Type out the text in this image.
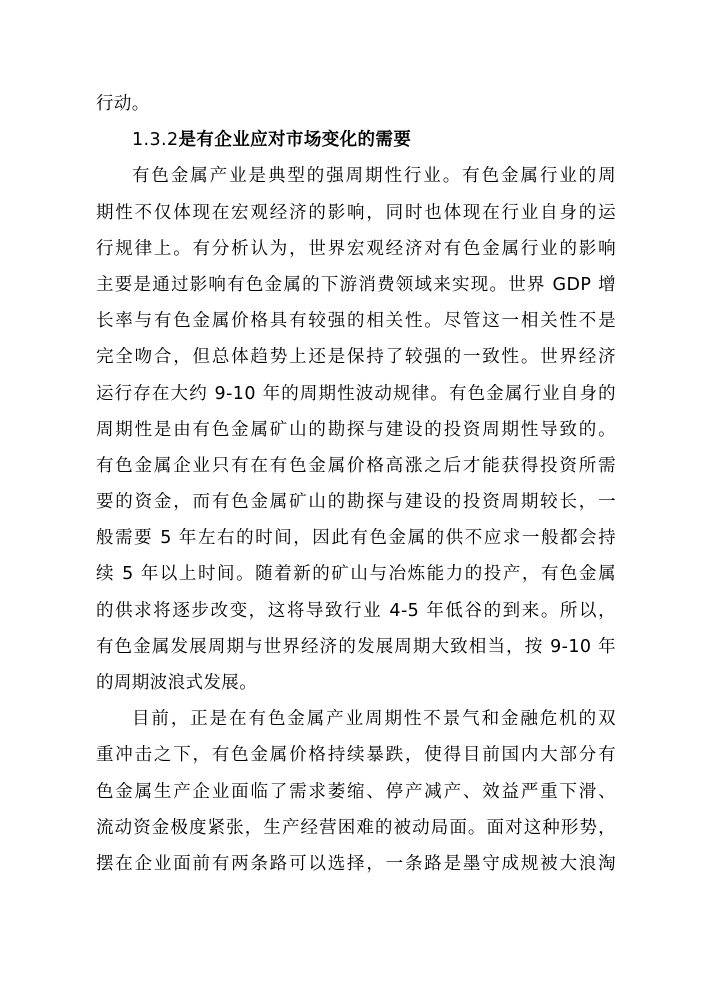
行动。
1.3.2是有企业应对市场变化的需要
有色金属产业是典型的强周期性行业。有色金属行业的周
期性不仅体现在宏观经济的影响，同时也体现在行业自身的运
行规律上。有分析认为，世界宏观经济对有色金属行业的影响
主要是通过影响有色金属的下游消费领域来实现。世界 GDP 增
长率与有色金属价格具有较强的相关性。尽管这一相关性不是
完全吻合，但总体趋势上还是保持了较强的一致性。世界经济
运行存在大约 9-10 年的周期性波动规律。有色金属行业自身的
周期性是由有色金属矿山的勘探与建设的投资周期性导致的。
有色金属企业只有在有色金属价格高涨之后才能获得投资所需
要的资金，而有色金属矿山的勘探与建设的投资周期较长，一
般需要 5 年左右的时间，因此有色金属的供不应求一般都会持
续 5 年以上时间。随着新的矿山与冶炼能力的投产，有色金属
的供求将逐步改变，这将导致行业 4-5 年低谷的到来。所以，
有色金属发展周期与世界经济的发展周期大致相当，按 9-10 年
的周期波浪式发展。
目前，正是在有色金属产业周期性不景气和金融危机的双
重冲击之下，有色金属价格持续暴跌，使得目前国内大部分有
色金属生产企业面临了需求萎缩、停产减产、效益严重下滑、
流动资金极度紧张，生产经营困难的被动局面。面对这种形势，
摆在企业面前有两条路可以选择，一条路是墨守成规被大浪淘
